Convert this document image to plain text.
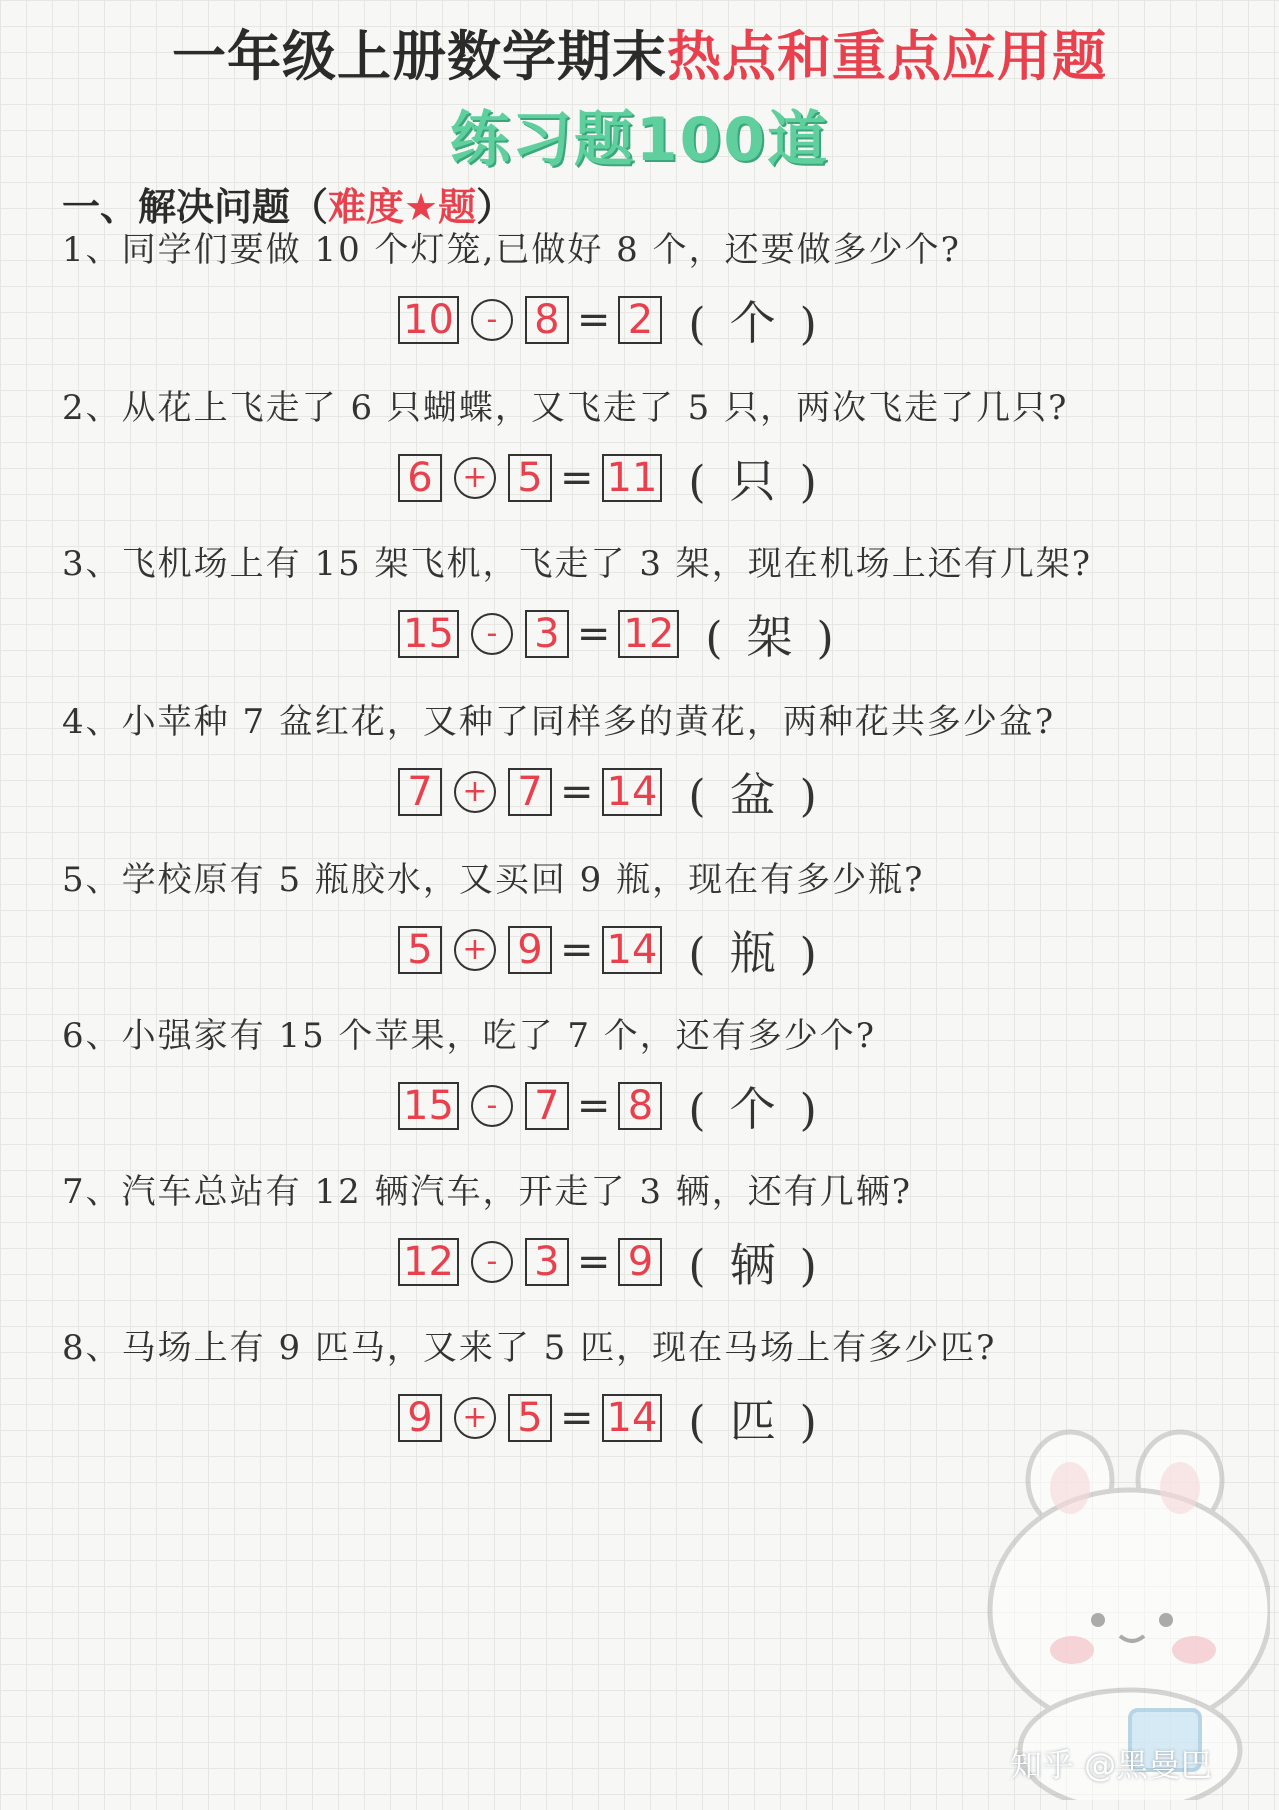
一年级上册数学期末热点和重点应用题
练习题100道
一、解决问题（难度★题）
1、同学们要做 10 个灯笼,已做好 8 个，还要做多少个?
10	- 8 = 2 ( 个 )
2、从花上飞走了 6 只蝴蝶，又飞走了 5 只，两次飞走了几只?
6 + 5 = 11 ( 只 )
3、飞机场上有 15 架飞机，飞走了 3 架，现在机场上还有几架?
15	- 3 = 12 ( 架 )
4、小苹种 7 盆红花，又种了同样多的黄花，两种花共多少盆?
7 + 7 = 14 ( 盆 )
5、学校原有 5 瓶胶水，又买回 9 瓶，现在有多少瓶?
5 + 9 = 14 ( 瓶 )
6、小强家有 15 个苹果，吃了 7 个，还有多少个?
15	- 7 = 8 ( 个 )
7、汽车总站有 12 辆汽车，开走了 3 辆，还有几辆?
12	- 3 = 9 ( 辆 )
8、马场上有 9 匹马，又来了 5 匹，现在马场上有多少匹?
9 + 5 = 14 ( 匹 )
知乎 @黑曼巴
